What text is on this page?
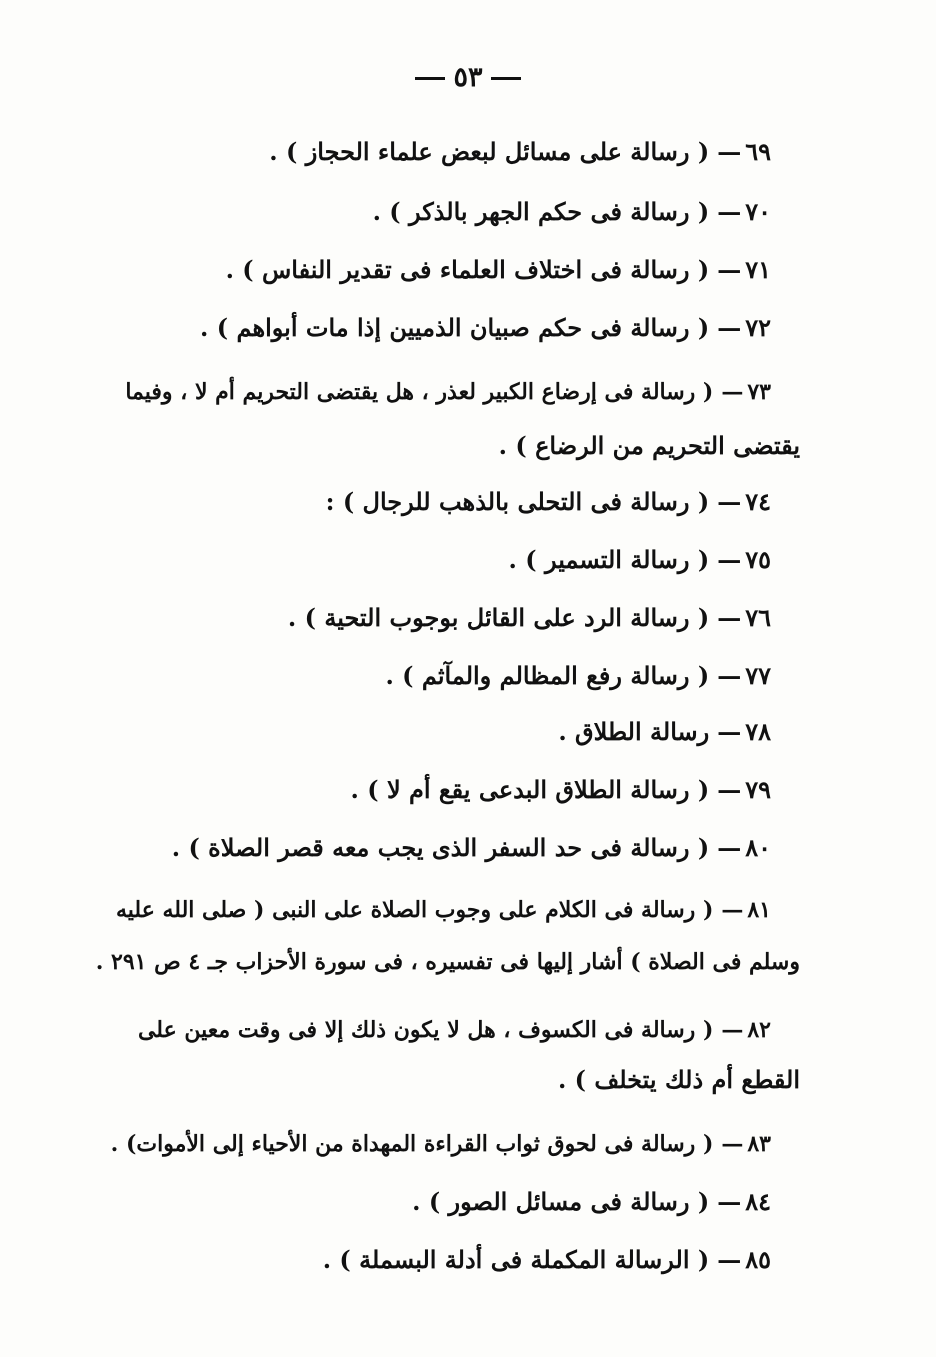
٥٣
٦٩—( رسالة على مسائل لبعض علماء الحجاز ) .
٧٠—( رسالة فى حكم الجهر بالذكر ) .
٧١—( رسالة فى اختلاف العلماء فى تقدير النفاس ) .
٧٢—( رسالة فى حكم صبيان الذميين إذا مات أبواهم ) .
٧٣—( رسالة فى إرضاع الكبير لعذر ، هل يقتضى التحريم أم لا ، وفيما
يقتضى التحريم من الرضاع ) .
٧٤—( رسالة فى التحلى بالذهب للرجال ) :
٧٥—( رسالة التسمير ) .
٧٦—( رسالة الرد على القائل بوجوب التحية ) .
٧٧—( رسالة رفع المظالم والمآثم ) .
٧٨—رسالة الطلاق .
٧٩—( رسالة الطلاق البدعى يقع أم لا ) .
٨٠—( رسالة فى حد السفر الذى يجب معه قصر الصلاة ) .
٨١—( رسالة فى الكلام على وجوب الصلاة على النبى ( صلى الله عليه
وسلم فى الصلاة ) أشار إليها فى تفسيره ، فى سورة الأحزاب جـ ٤ ص ٢٩١ .
٨٢—( رسالة فى الكسوف ، هل لا يكون ذلك إلا فى وقت معين على
القطع أم ذلك يتخلف ) .
٨٣—( رسالة فى لحوق ثواب القراءة المهداة من الأحياء إلى الأموات) .
٨٤—( رسالة فى مسائل الصور ) .
٨٥—( الرسالة المكملة فى أدلة البسملة ) .
